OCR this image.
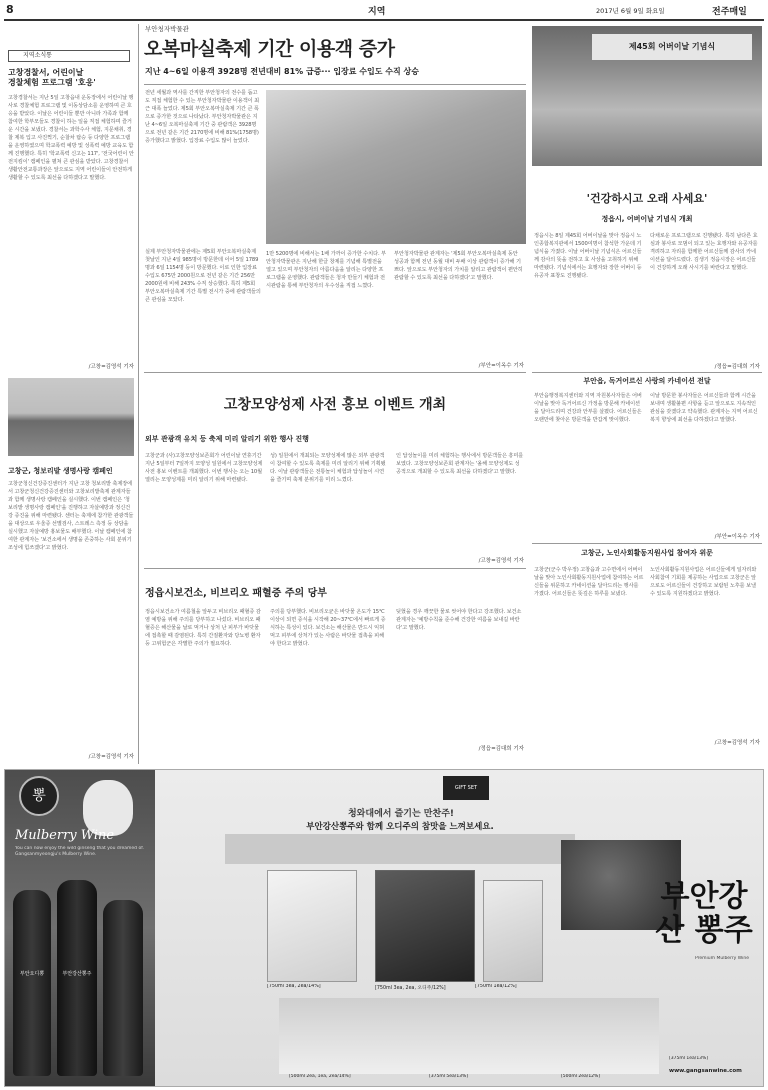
8	지역	2017년 6월 9일 화요일	전주매일
지역소식통
고창경찰서, 어린이날
경찰체험 프로그램 '호응'
고창경찰서는 지난 5일 고창읍내 운동장에서 어린이날 행사로 경찰체험 프로그램 및 이동상담소를 운영하며 큰 호응을 받았다. 이날은 어린이들 뿐만 아니라 가족과 함께 참여한 학부모들도 경찰이 하는 일을 직접 체험하며 즐거운 시간을 보냈다. 경찰서는 과학수사 체험, 지문채취, 경찰 제복 입고 사진찍기, 순찰차 탑승 등 다양한 프로그램을 운영하였으며 학교폭력 예방 및 성폭력 예방 교육도 함께 진행했다. 특히 '학교폭력 신고는 117', '전국어린이 안전지킴이' 캠페인을 펼쳐 큰 관심을 받았다. 고창경찰서 생활안전교통과장은 앞으로도 지역 어린이들이 안전하게 생활할 수 있도록 최선을 다하겠다고 말했다.
/고창=김영석 기자
고창군, 청보리밭 생명사랑 캠페인
고창군청신건강증진센터가 지난 고창 청보리밭 축제장에서 고창군청신건강증진센터와 고창보리밭축제 관계자들과 함께 생명사랑 캠페인을 실시했다. 이번 캠페인은 '청보리밭 생명사랑 캠페인'을 진행하고 자살예방과 정신건강 증진을 위해 마련됐다. 센터는 축제에 참가한 관광객들을 대상으로 우울증 선별검사, 스트레스 측정 등 상담을 실시했고 자살예방 홍보물도 배부했다. 이날 캠페인에 참여한 관계자는 '보건소에서 생명을 존중하는 사회 분위기 조성에 힘쓰겠다'고 밝혔다.
/고창=김영석 기자
부안청자박물관
오복마실축제 기간 이용객 증가
지난 4~6일 이용객 3928명 전년대비 81% 급증··· 입장료 수입도 수직 상승
전년 세월과 역사를 간직한 부안청자의 전수를 돕고도 직접 체험한 수 있는 부안청자박물관 이용객이 최근 대폭 늘었다. 제5회 부안오복마실축제 기간 큰 폭으로 증가한 것으로 나타났다. 부안청자박물관은 지난 4~6일 오복마실축제 기간 중 관람객은 3928명으로 전년 같은 기간 2170명에 비해 81%(1758명) 증가했다고 밝혔다. 입장료 수입도 많이 늘었다.
실제 부안청자박물관에는 제5회 부안오복마실축제 첫날인 지난 4일 985명이 방문한데 이어 5일 1789명과 6일 1154명 등이 방문했다. 이로 인한 입장료 수입도 675만 2000원으로 전년 같은 기간 256만 2000원에 비해 243% 수직 상승했다. 특히 제5회 부안오복마실축제 기간 특별 전시가 중에 관람객들의 큰 관심을 모았다.
1만 5200명에 비해서는 1배 가까이 증가한 수치다. 부안청자박물관은 지난해 한글 창제를 기념해 특별전을 열고 있으며 부안청자의 아름다움을 알리는 다양한 프로그램을 운영했다. 관람객들은 청자 만들기 체험과 전시관람을 통해 부안청자의 우수성을 직접 느꼈다.
부안청자박물관 관계자는 '제5회 부안오복마실축제 동안 성공과 함께 전년 동월 대비 두배 이상 관람객이 증가해 기쁘다. 앞으로도 부안청자의 가치를 알리고 관람객이 편안히 관람할 수 있도록 최선을 다하겠다'고 말했다.
/부안=이옥수 기자
제45회 어버이날 기념식
'건강하시고 오래 사세요'
정읍시, 어버이날 기념식 개최
정읍시는 8일 제45회 어버이날을 맞아 정읍시 노인종합복지관에서 1500여명이 참석한 가운데 기념식을 가졌다. 이날 어버이날 기념식은 어르신들께 감사의 뜻을 전하고 효 사상을 고취하기 위해 마련됐다. 기념식에서는 효행자와 장한 어버이 등 유공자 표창도 진행됐다.
다채로운 프로그램으로 진행됐다. 특히 남다른 효심과 봉사로 모범이 되고 있는 효행자와 유공자를 격려하고 자리를 함께한 어르신들께 감사의 카네이션을 달아드렸다. 김생기 정읍시장은 어르신들이 건강하게 오래 사시기를 바란다고 말했다.
/정읍=김대희 기자
부안읍, 독거어르신 사랑의 카네이션 전달
부안읍행정복지센터와 지역 자원봉사자들은 어버이날을 맞아 독거어르신 가정을 방문해 카네이션을 달아드리며 건강과 안부를 살폈다. 어르신들은 오랜만에 찾아온 방문객을 반갑게 맞이했다.
이날 방문한 봉사자들은 어르신들과 함께 시간을 보내며 생활불편 사항을 듣고 앞으로도 지속적인 관심을 갖겠다고 약속했다. 관계자는 지역 어르신 복지 향상에 최선을 다하겠다고 말했다.
/부안=이옥수 기자
고창군, 노인사회활동지원사업 참여자 위문
고창군(군수 박우정) 고창읍과 고수면에서 어버이날을 맞아 노인사회활동지원사업에 참여하는 어르신들을 위문하고 카네이션을 달아드리는 행사를 가졌다. 어르신들은 뜻깊은 하루를 보냈다.
노인사회활동지원사업은 어르신들에게 일자리와 사회참여 기회를 제공하는 사업으로 고창군은 앞으로도 어르신들이 건강하고 보람된 노후를 보낼 수 있도록 지원하겠다고 밝혔다.
/고창=김영석 기자
고창모양성제 사전 홍보 이벤트 개최
외부 관광객 유치 등 축제 미리 알리기 위한 행사 진행
고창군과 (사)고창모양성보존회가 어린이날 연휴기간 지난 5일부터 7일까지 모양성 일원에서 고창모양성제 사전 홍보 이벤트를 개최했다. 이번 행사는 오는 10월 열리는 모양성제를 미리 알리기 위해 마련됐다.
성) 일원에서 개최되는 모양성제에 많은 외부 관광객이 참여할 수 있도록 축제를 미리 알리기 위해 기획됐다. 이날 관광객들은 전통놀이 체험과 답성놀이 시연을 즐기며 축제 분위기를 미리 느꼈다.
인 답성놀이를 미리 체험하는 행사에서 방문객들은 흥미를 보였다. 고창모양성보존회 관계자는 '올해 모양성제도 성공적으로 개최할 수 있도록 최선을 다하겠다'고 말했다.
/고창=김영석 기자
정읍시보건소, 비브리오 패혈증 주의 당부
정읍시보건소가 여름철을 앞두고 비브리오 패혈증 감염 예방을 위해 주의를 당부하고 나섰다. 비브리오 패혈증은 해산물을 날로 먹거나 상처 난 피부가 바닷물에 접촉할 때 감염된다. 특히 간질환자와 당뇨병 환자 등 고위험군은 각별한 주의가 필요하다.
주의를 당부했다. 비브리오균은 바닷물 온도가 15℃ 이상이 되면 증식을 시작해 20~37℃에서 빠르게 증식하는 특성이 있다. 보건소는 해산물은 반드시 익혀 먹고 피부에 상처가 있는 사람은 바닷물 접촉을 피해야 한다고 밝혔다.
딪혔을 경우 깨끗한 물로 씻어야 한다고 강조했다. 보건소 관계자는 '예방수칙을 준수해 건강한 여름을 보내길 바란다'고 말했다.
/정읍=김대희 기자
뽕
Mulberry Wine
You can now enjoy the wild ginseng that you dreamed of. Gangsanmyeongju's Mulberry Wine.
부안오디뽕	부안강산뽕주
GIFT SET
청와대에서 즐기는 만찬주!
부안강산뽕주와 함께 오디주의 참맛을 느껴보세요.
[750ml 3ea, 2ea/14%]	[750ml 3ea, 2ea, 오디주/12%]	[750ml 1ea/12%]
부안강산 뽕주
Premium Mulberry Wine
[500ml 2ea, 1ea, 2ea/14%]	[375ml 5ea/13%]	[500ml 2ea/12%]
[375ml 1ea/13%]
www.gangsanwine.com
